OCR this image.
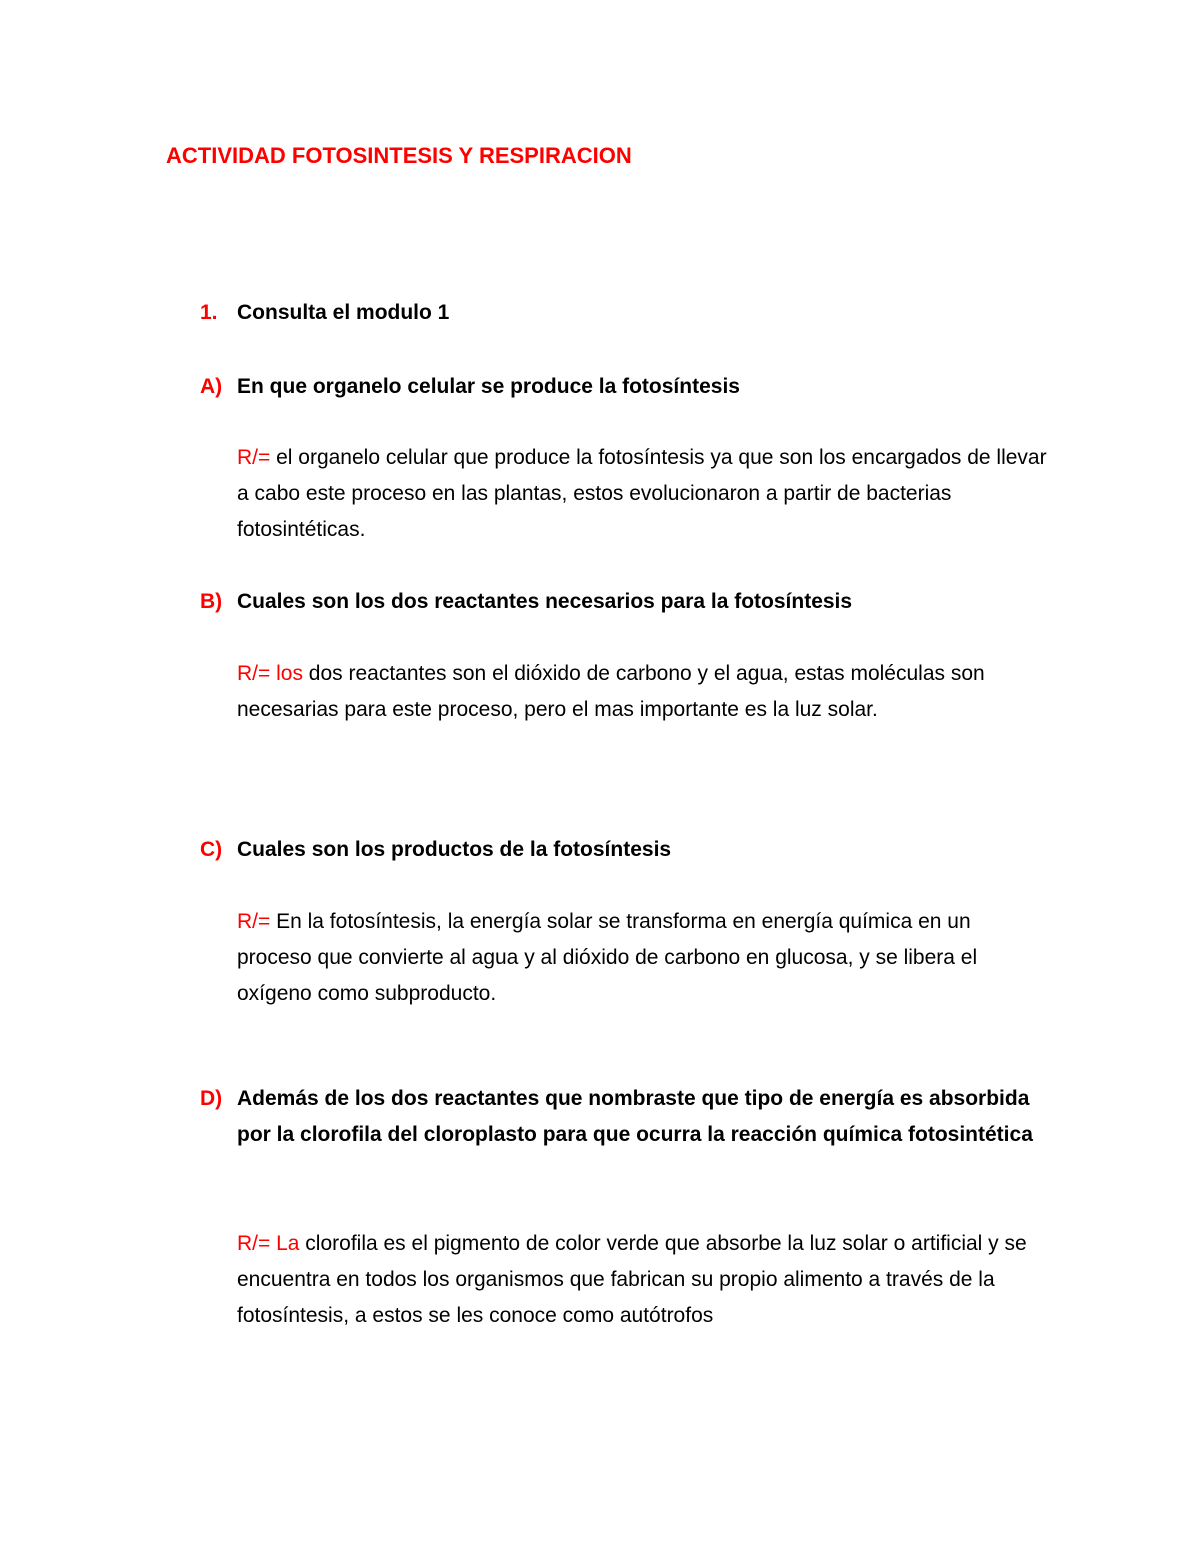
ACTIVIDAD FOTOSINTESIS Y RESPIRACION
1. Consulta el modulo 1
A) En que organelo celular se produce la fotosíntesis
R/= el organelo celular que produce la fotosíntesis ya que son los encargados de llevar a cabo este proceso en las plantas, estos evolucionaron a partir de bacterias fotosintéticas.
B) Cuales son los dos reactantes necesarios para la fotosíntesis
R/= los dos reactantes son el dióxido de carbono y el agua, estas moléculas son necesarias para este proceso, pero el mas importante es la luz solar.
C) Cuales son los productos de la fotosíntesis
R/= En la fotosíntesis, la energía solar se transforma en energía química en un proceso que convierte al agua y al dióxido de carbono en glucosa, y se libera el oxígeno como subproducto.
D) Además de los dos reactantes que nombraste que tipo de energía es absorbida por la clorofila del cloroplasto para que ocurra la reacción química fotosintética
R/= La clorofila es el pigmento de color verde que absorbe la luz solar o artificial y se encuentra en todos los organismos que fabrican su propio alimento a través de la fotosíntesis, a estos se les conoce como autótrofos
